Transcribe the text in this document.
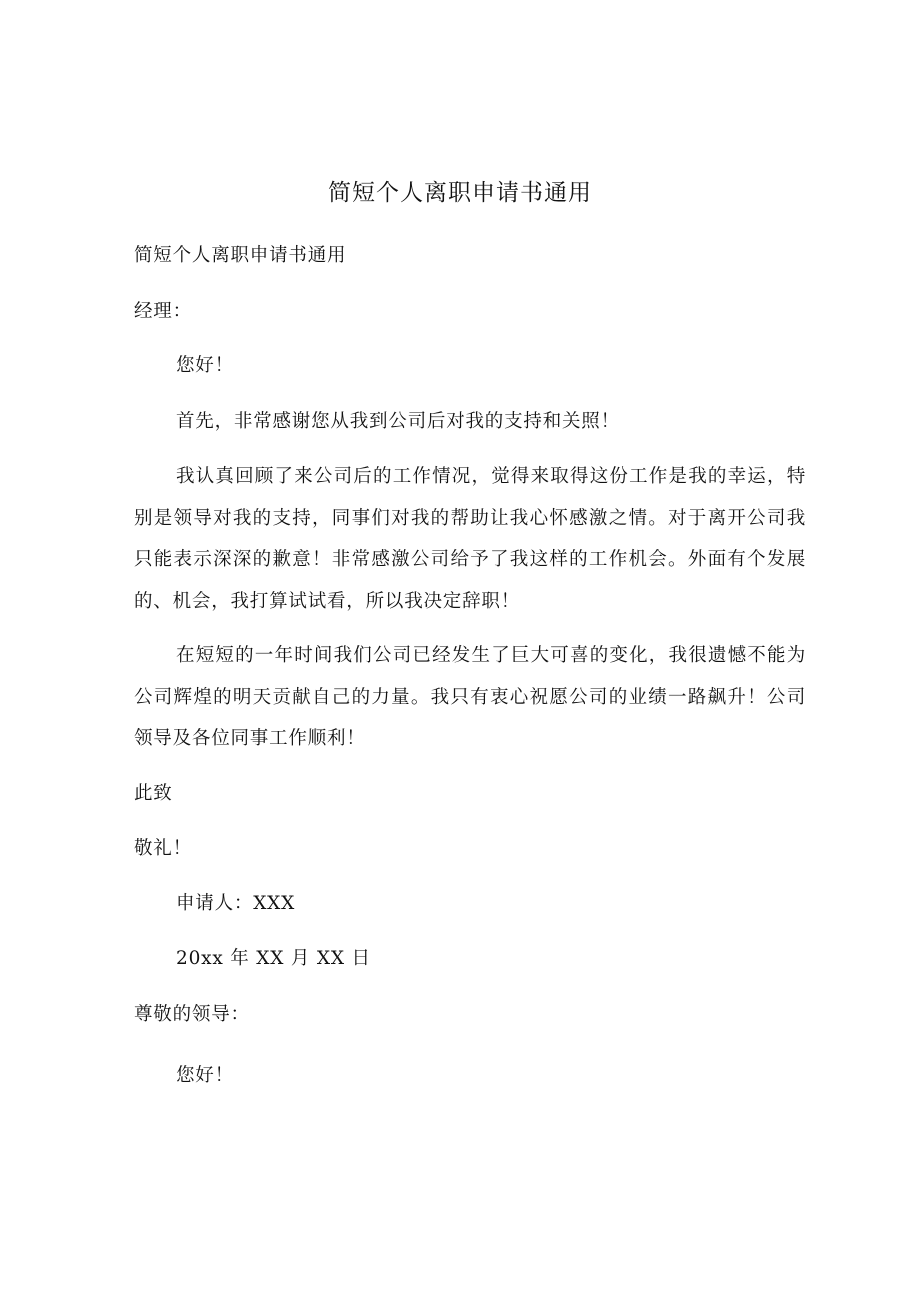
简短个人离职申请书通用
简短个人离职申请书通用
经理：
您好！
首先，非常感谢您从我到公司后对我的支持和关照！
我认真回顾了来公司后的工作情况，觉得来取得这份工作是我的幸运，特别是领导对我的支持，同事们对我的帮助让我心怀感激之情。对于离开公司我只能表示深深的歉意！非常感激公司给予了我这样的工作机会。外面有个发展的、机会，我打算试试看，所以我决定辞职！
在短短的一年时间我们公司已经发生了巨大可喜的变化，我很遗憾不能为公司辉煌的明天贡献自己的力量。我只有衷心祝愿公司的业绩一路飙升！公司领导及各位同事工作顺利！
此致
敬礼！
申请人：XXX
20xx 年 XX 月 XX 日
尊敬的领导：
您好！
